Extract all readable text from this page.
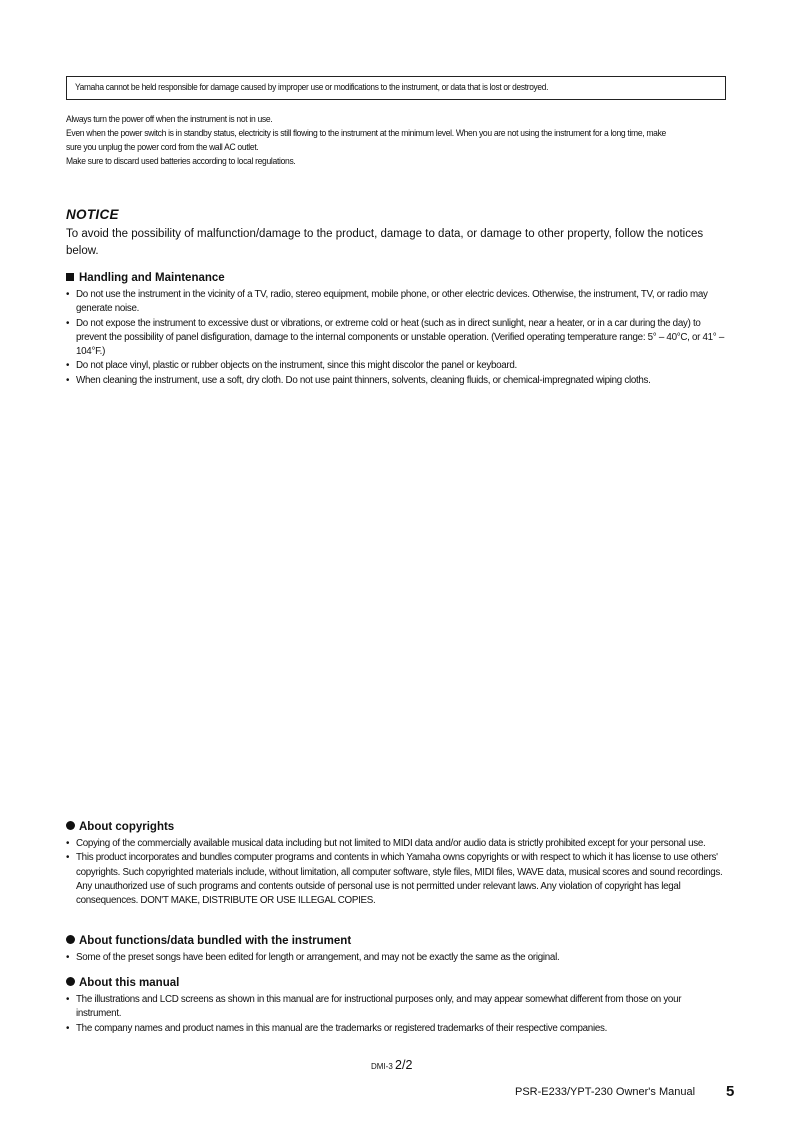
Yamaha cannot be held responsible for damage caused by improper use or modifications to the instrument, or data that is lost or destroyed.
Always turn the power off when the instrument is not in use.
Even when the power switch is in standby status, electricity is still flowing to the instrument at the minimum level. When you are not using the instrument for a long time, make
sure you unplug the power cord from the wall AC outlet.
Make sure to discard used batteries according to local regulations.
NOTICE
To avoid the possibility of malfunction/damage to the product, damage to data, or damage to other property, follow the notices below.
Handling and Maintenance
• Do not use the instrument in the vicinity of a TV, radio, stereo equipment, mobile phone, or other electric devices. Otherwise, the instrument, TV, or radio may generate noise.
• Do not expose the instrument to excessive dust or vibrations, or extreme cold or heat (such as in direct sunlight, near a heater, or in a car during the day) to prevent the possibility of panel disfiguration, damage to the internal components or unstable operation. (Verified operating temperature range: 5° – 40°C, or 41° – 104°F.)
• Do not place vinyl, plastic or rubber objects on the instrument, since this might discolor the panel or keyboard.
• When cleaning the instrument, use a soft, dry cloth. Do not use paint thinners, solvents, cleaning fluids, or chemical-impregnated wiping cloths.
About copyrights
• Copying of the commercially available musical data including but not limited to MIDI data and/or audio data is strictly prohibited except for your personal use.
• This product incorporates and bundles computer programs and contents in which Yamaha owns copyrights or with respect to which it has license to use others' copyrights. Such copyrighted materials include, without limitation, all computer software, style files, MIDI files, WAVE data, musical scores and sound recordings. Any unauthorized use of such programs and contents outside of personal use is not permitted under relevant laws. Any violation of copyright has legal consequences. DON'T MAKE, DISTRIBUTE OR USE ILLEGAL COPIES.
About functions/data bundled with the instrument
• Some of the preset songs have been edited for length or arrangement, and may not be exactly the same as the original.
About this manual
• The illustrations and LCD screens as shown in this manual are for instructional purposes only, and may appear somewhat different from those on your instrument.
• The company names and product names in this manual are the trademarks or registered trademarks of their respective companies.
DMI-3 2/2
PSR-E233/YPT-230 Owner's Manual 5
